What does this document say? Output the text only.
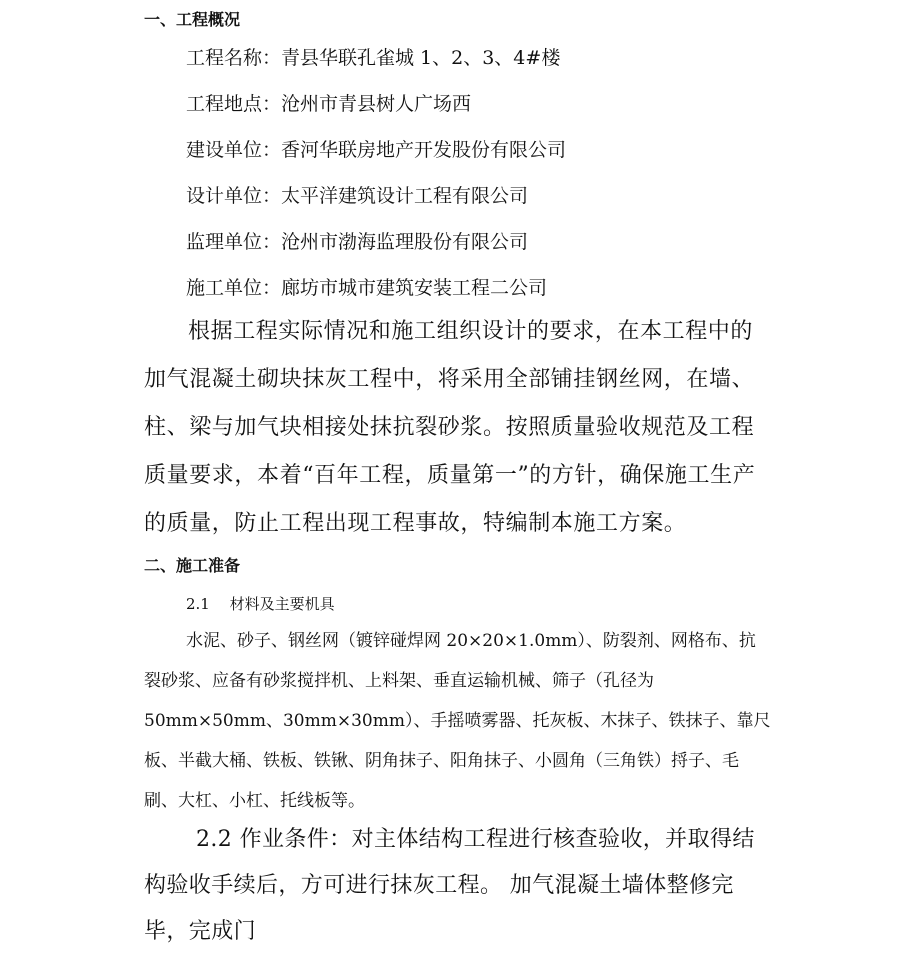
一、工程概况
工程名称：青县华联孔雀城 1、2、3、4#楼
工程地点：沧州市青县树人广场西
建设单位：香河华联房地产开发股份有限公司
设计单位：太平洋建筑设计工程有限公司
监理单位：沧州市渤海监理股份有限公司
施工单位：廊坊市城市建筑安装工程二公司

根据工程实际情况和施工组织设计的要求，在本工程中的加气混凝土砌块抹灰工程中，将采用全部铺挂钢丝网，在墙、柱、梁与加气块相接处抹抗裂砂浆。按照质量验收规范及工程质量要求，本着“百年工程，质量第一”的方针，确保施工生产的质量，防止工程出现工程事故，特编制本施工方案。

二、施工准备
2.1　 材料及主要机具

水泥、砂子、钢丝网（镀锌碰焊网 20×20×1.0mm）、防裂剂、网格布、抗裂砂浆、应备有砂浆搅拌机、上料架、垂直运输机械、筛子（孔径为 50mm×50mm、30mm×30mm）、手摇喷雾器、托灰板、木抹子、铁抹子、靠尺板、半截大桶、铁板、铁锹、阴角抹子、阳角抹子、小圆角（三角铁）捋子、毛刷、大杠、小杠、托线板等。

2.2 作业条件：对主体结构工程进行核查验收，并取得结构验收手续后，方可进行抹灰工程。 加气混凝土墙体整修完毕，完成门
